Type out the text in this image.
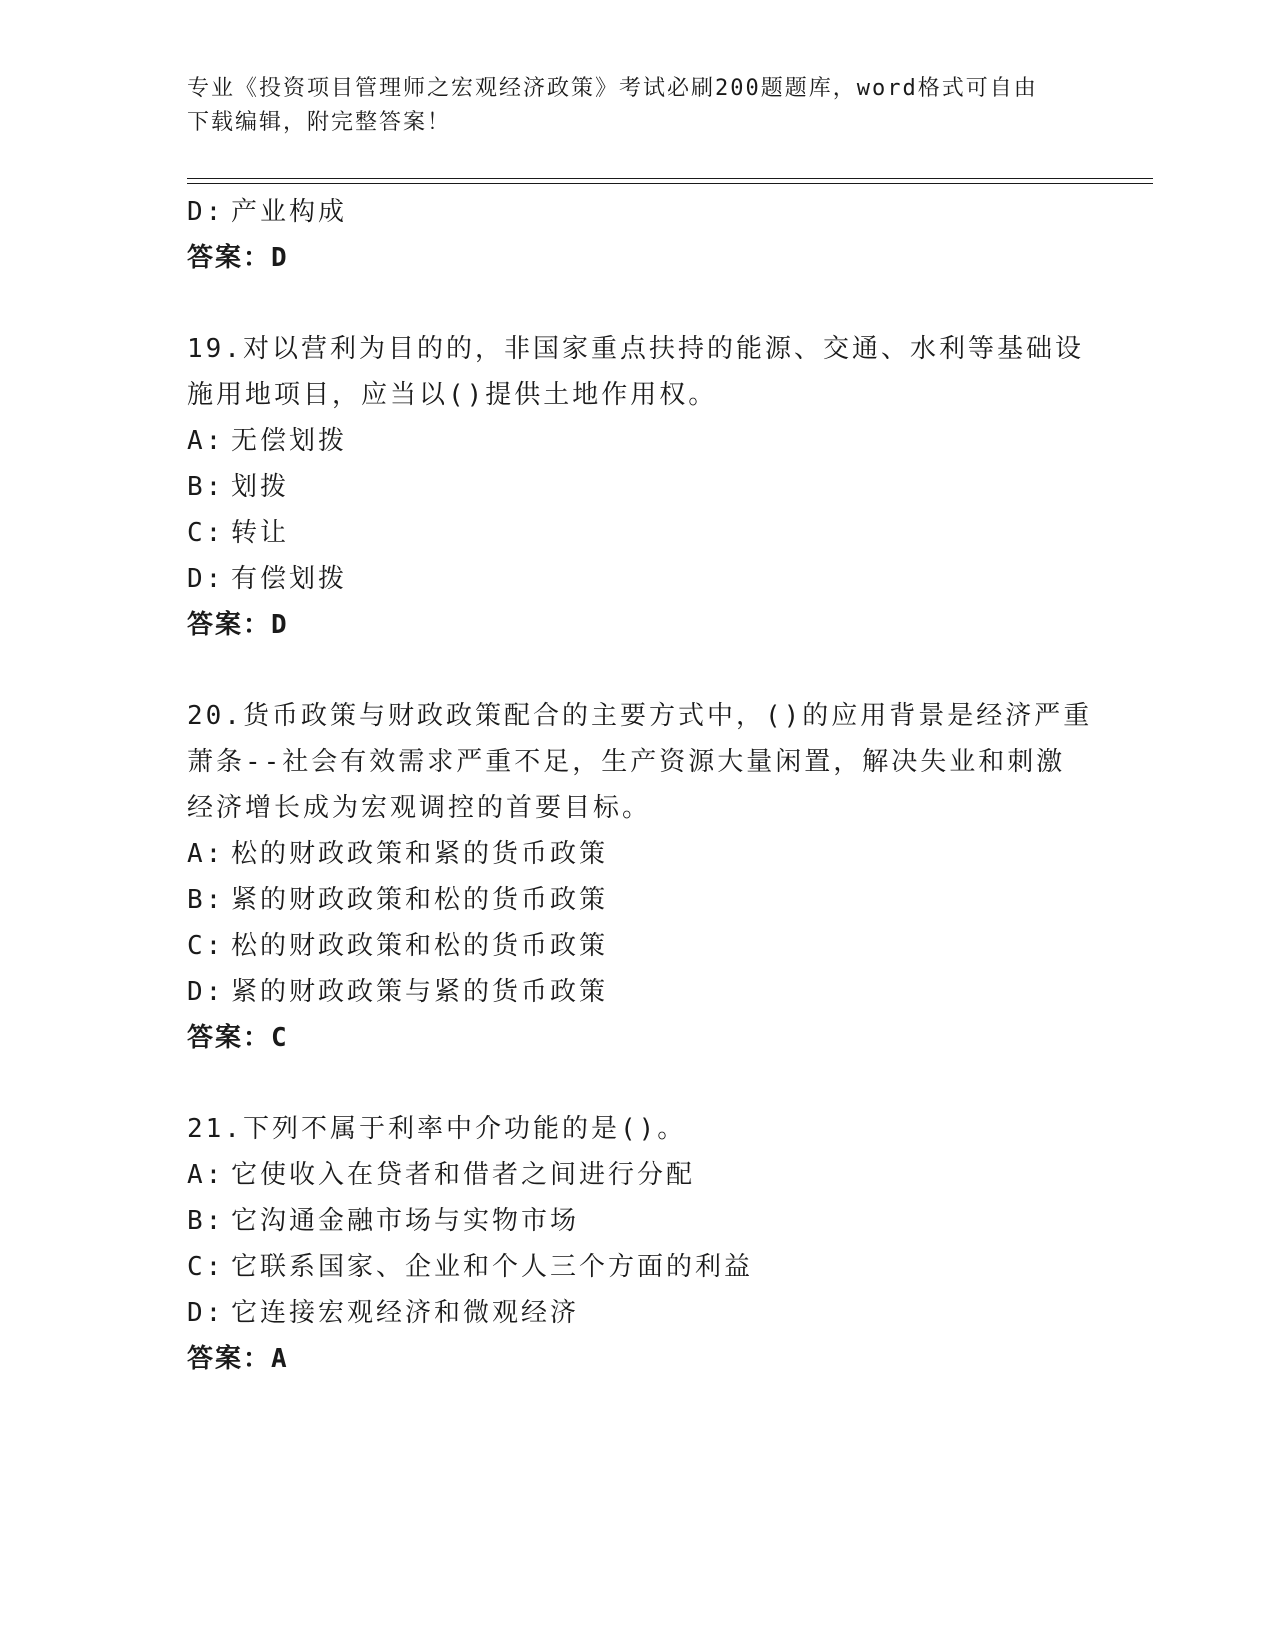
专业《投资项目管理师之宏观经济政策》考试必刷200题题库，word格式可自由
下载编辑，附完整答案！
D: 产业构成
答案：D
19.对以营利为目的的，非国家重点扶持的能源、交通、水利等基础设
施用地项目，应当以()提供土地作用权。
A: 无偿划拨
B: 划拨
C: 转让
D: 有偿划拨
答案：D
20.货币政策与财政政策配合的主要方式中，()的应用背景是经济严重
萧条--社会有效需求严重不足，生产资源大量闲置，解决失业和刺激
经济增长成为宏观调控的首要目标。
A: 松的财政政策和紧的货币政策
B: 紧的财政政策和松的货币政策
C: 松的财政政策和松的货币政策
D: 紧的财政政策与紧的货币政策
答案：C
21.下列不属于利率中介功能的是()。
A: 它使收入在贷者和借者之间进行分配
B: 它沟通金融市场与实物市场
C: 它联系国家、企业和个人三个方面的利益
D: 它连接宏观经济和微观经济
答案：A
